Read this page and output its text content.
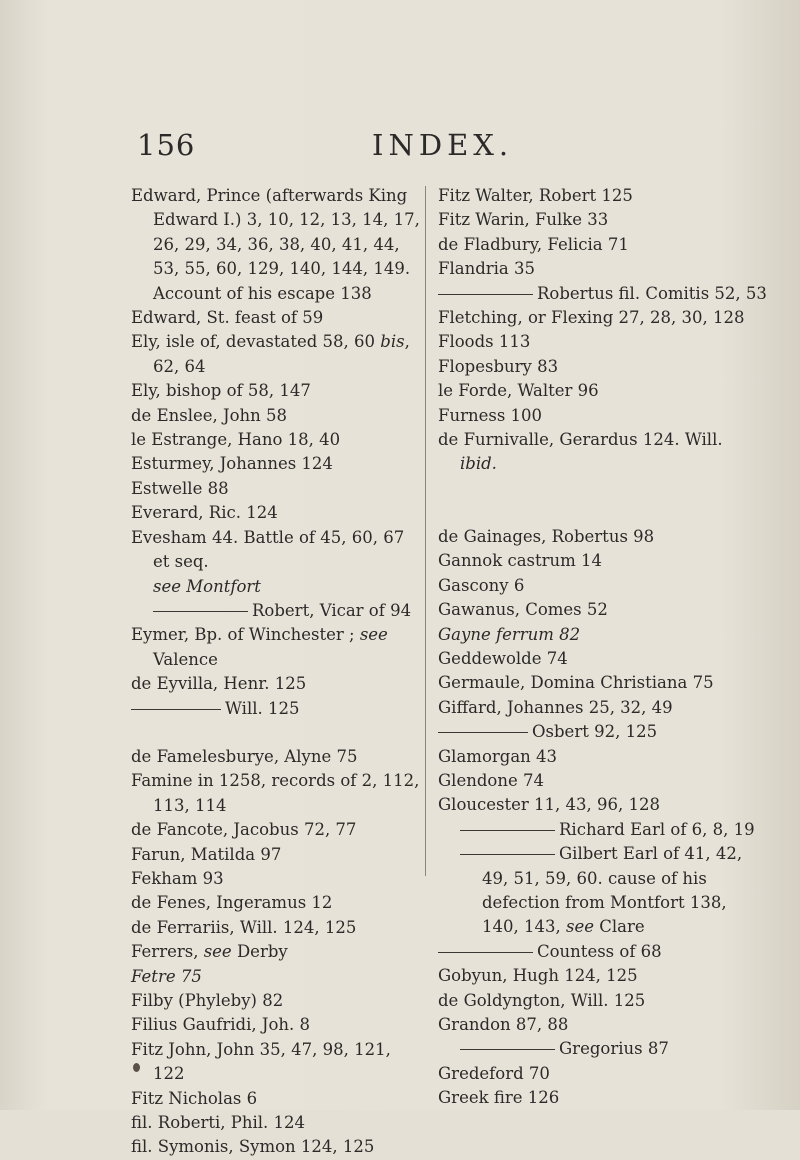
156	INDEX.
Edward, Prince (afterwards King Edward I.) 3, 10, 12, 13, 14, 17, 26, 29, 34, 36, 38, 40, 41, 44, 53, 55, 60, 129, 140, 144, 149. Account of his escape 138
Edward, St. feast of 59
Ely, isle of, devastated 58, 60 bis, 62, 64
Ely, bishop of 58, 147
de Enslee, John 58
le Estrange, Hano 18, 40
Esturmey, Johannes 124
Estwelle 88
Everard, Ric. 124
Evesham 44. Battle of 45, 60, 67 et seq.
see Montfort
Robert, Vicar of 94
Eymer, Bp. of Winchester ; see Valence
de Eyvilla, Henr. 125
Will. 125
de Famelesburye, Alyne 75
Famine in 1258, records of 2, 112, 113, 114
de Fancote, Jacobus 72, 77
Farun, Matilda 97
Fekham 93
de Fenes, Ingeramus 12
de Ferrariis, Will. 124, 125
Ferrers, see Derby
Fetre 75
Filby (Phyleby) 82
Filius Gaufridi, Joh. 8
Fitz John, John 35, 47, 98, 121, 122
Fitz Nicholas 6
fil. Roberti, Phil. 124
fil. Symonis, Symon 124, 125
Fitz Walter, Robert 125
Fitz Warin, Fulke 33
de Fladbury, Felicia 71
Flandria 35
Robertus fil. Comitis 52, 53
Fletching, or Flexing 27, 28, 30, 128
Floods 113
Flopesbury 83
le Forde, Walter 96
Furness 100
de Furnivalle, Gerardus 124. Will. ibid.
de Gainages, Robertus 98
Gannok castrum 14
Gascony 6
Gawanus, Comes 52
Gayne ferrum 82
Geddewolde 74
Germaule, Domina Christiana 75
Giffard, Johannes 25, 32, 49
Osbert 92, 125
Glamorgan 43
Glendone 74
Gloucester 11, 43, 96, 128
Richard Earl of 6, 8, 19
Gilbert Earl of 41, 42, 49, 51, 59, 60. cause of his defection from Montfort 138, 140, 143, see Clare
Countess of 68
Gobyun, Hugh 124, 125
de Goldyngton, Will. 125
Grandon 87, 88
Gregorius 87
Gredeford 70
Greek fire 126
